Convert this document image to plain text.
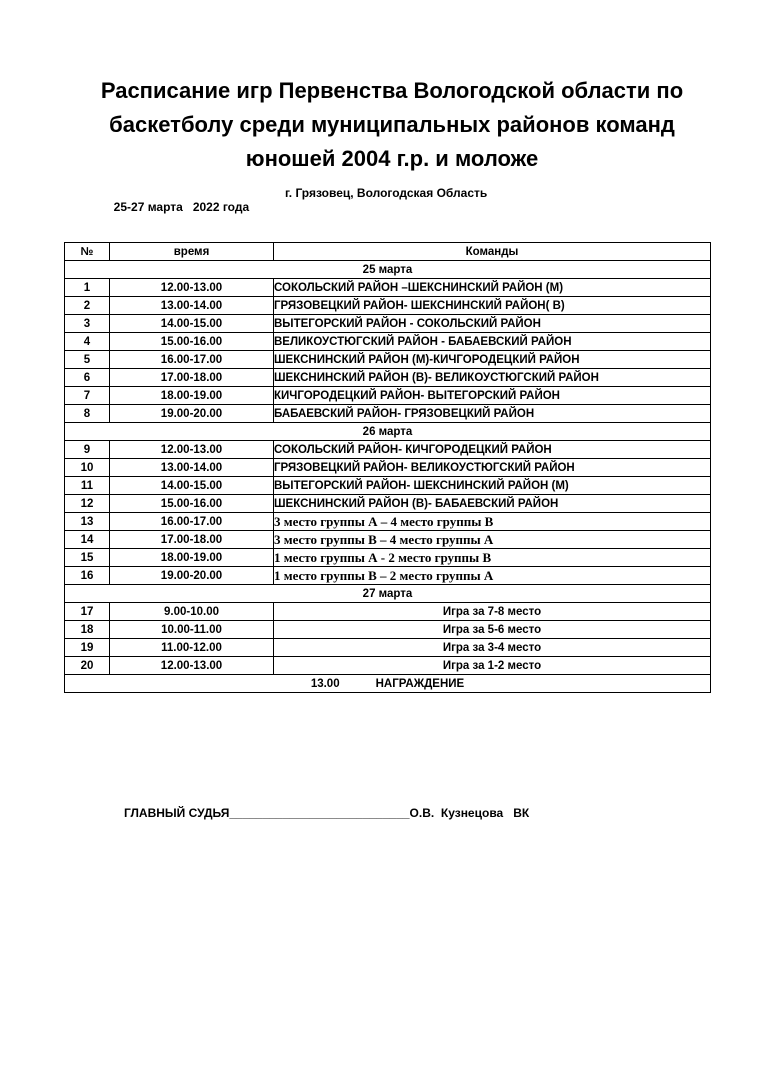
Расписание игр Первенства Вологодской области по
баскетболу среди муниципальных районов команд
юношей 2004 г.р. и моложе

25-27 марта   2022 года

г. Грязовец, Вологодская Область

№	время	Команды
25 марта		
1	12.00-13.00	СОКОЛЬСКИЙ РАЙОН –ШЕКСНИНСКИЙ РАЙОН (М)
2	13.00-14.00	ГРЯЗОВЕЦКИЙ РАЙОН- ШЕКСНИНСКИЙ РАЙОН( В)
3	14.00-15.00	ВЫТЕГОРСКИЙ РАЙОН - СОКОЛЬСКИЙ РАЙОН
4	15.00-16.00	ВЕЛИКОУСТЮГСКИЙ РАЙОН - БАБАЕВСКИЙ РАЙОН
5	16.00-17.00	ШЕКСНИНСКИЙ РАЙОН (М)-КИЧГОРОДЕЦКИЙ РАЙОН
6	17.00-18.00	ШЕКСНИНСКИЙ РАЙОН (В)- ВЕЛИКОУСТЮГСКИЙ РАЙОН
7	18.00-19.00	КИЧГОРОДЕЦКИЙ РАЙОН- ВЫТЕГОРСКИЙ РАЙОН
8	19.00-20.00	БАБАЕВСКИЙ РАЙОН- ГРЯЗОВЕЦКИЙ РАЙОН
26 марта		
9	12.00-13.00	СОКОЛЬСКИЙ РАЙОН- КИЧГОРОДЕЦКИЙ РАЙОН
10	13.00-14.00	ГРЯЗОВЕЦКИЙ РАЙОН- ВЕЛИКОУСТЮГСКИЙ РАЙОН
11	14.00-15.00	ВЫТЕГОРСКИЙ РАЙОН- ШЕКСНИНСКИЙ РАЙОН (М)
12	15.00-16.00	ШЕКСНИНСКИЙ РАЙОН (В)- БАБАЕВСКИЙ РАЙОН
13	16.00-17.00	3 место группы А – 4 место группы В
14	17.00-18.00	3 место группы В – 4 место группы А
15	18.00-19.00	1 место группы А - 2 место группы В
16	19.00-20.00	1 место группы В – 2 место группы А
27 марта		
17	9.00-10.00	Игра за 7-8 место
18	10.00-11.00	Игра за 5-6 место
19	11.00-12.00	Игра за 3-4 место
20	12.00-13.00	Игра за 1-2 место
13.00 НАГРАЖДЕНИЕ		
ГЛАВНЫЙ СУДЬЯ___________________________О.В.  Кузнецова   ВК
